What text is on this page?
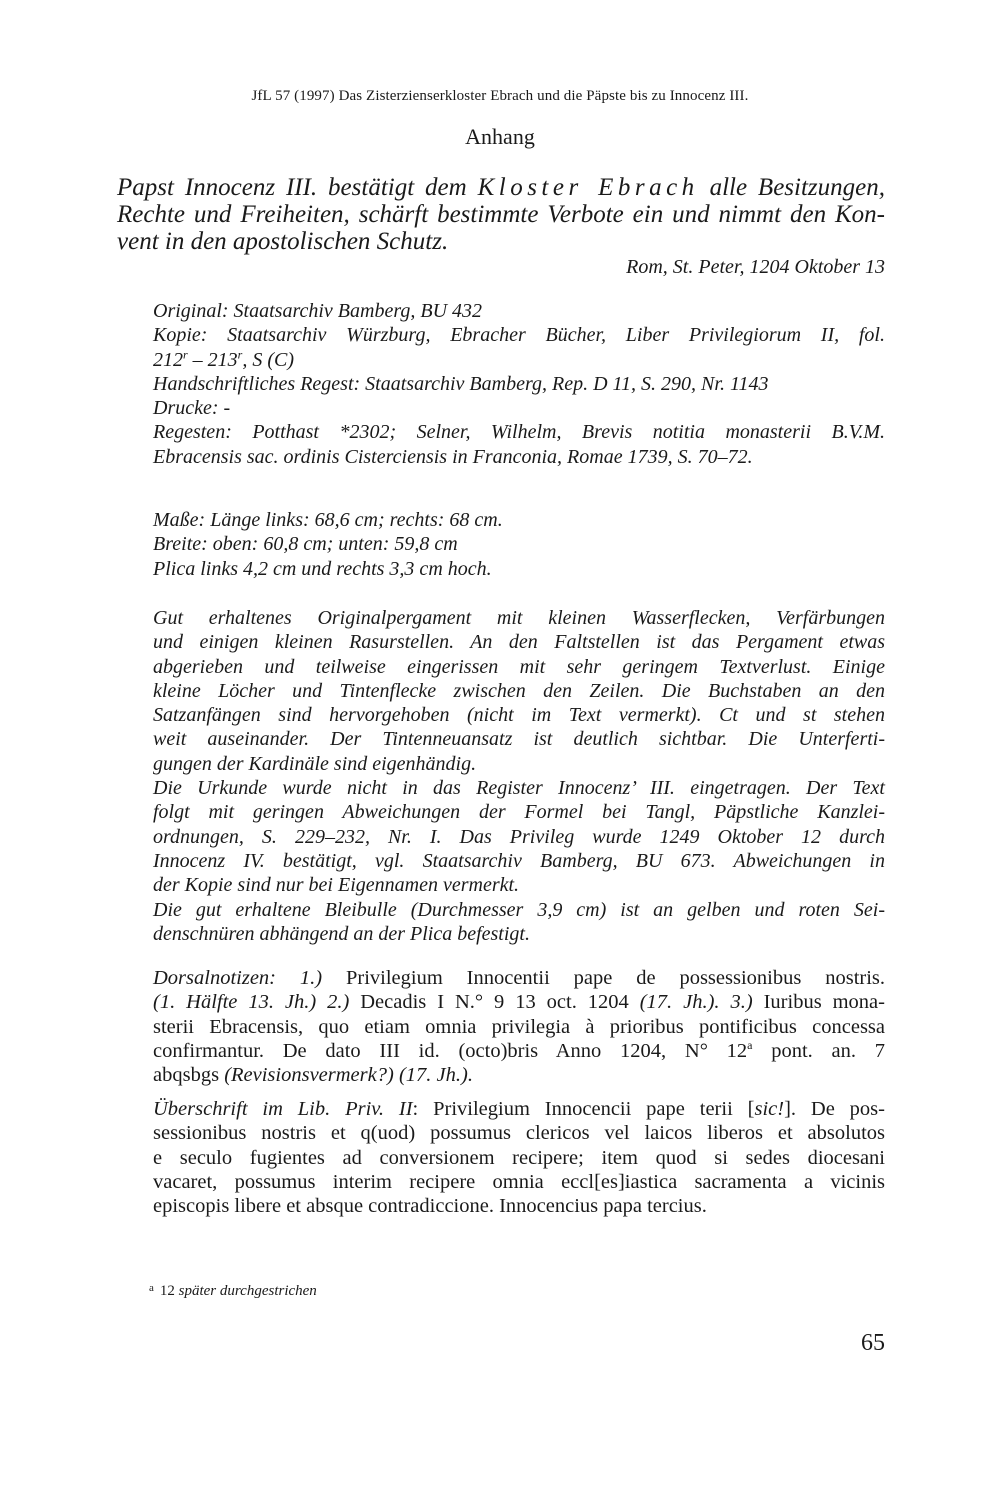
JfL 57 (1997) Das Zisterzienserkloster Ebrach und die Päpste bis zu Innocenz III.
Anhang
Papst Innocenz III. bestätigt dem Kloster Ebrach alle Besitzungen,
Rechte und Freiheiten, schärft bestimmte Verbote ein und nimmt den Kon-
vent in den apostolischen Schutz.
Rom, St. Peter, 1204 Oktober 13
Original: Staatsarchiv Bamberg, BU 432
Kopie: Staatsarchiv Würzburg, Ebracher Bücher, Liber Privilegiorum II, fol.
212$^r$ – 213$^r$, S (C)
Handschriftliches Regest: Staatsarchiv Bamberg, Rep. D 11, S. 290, Nr. 1143
Drucke: -
Regesten: Potthast *2302; Selner, Wilhelm, Brevis notitia monasterii B.V.M.
Ebracensis sac. ordinis Cisterciensis in Franconia, Romae 1739, S. 70–72.
Maße: Länge links: 68,6 cm; rechts: 68 cm.
Breite: oben: 60,8 cm; unten: 59,8 cm
Plica links 4,2 cm und rechts 3,3 cm hoch.
Gut erhaltenes Originalpergament mit kleinen Wasserflecken, Verfärbungen
und einigen kleinen Rasurstellen. An den Faltstellen ist das Pergament etwas
abgerieben und teilweise eingerissen mit sehr geringem Textverlust. Einige
kleine Löcher und Tintenflecke zwischen den Zeilen. Die Buchstaben an den
Satzanfängen sind hervorgehoben (nicht im Text vermerkt). Ct und st stehen
weit auseinander. Der Tintenneuansatz ist deutlich sichtbar. Die Unterferti-
gungen der Kardinäle sind eigenhändig.
Die Urkunde wurde nicht in das Register Innocenz’ III. eingetragen. Der Text
folgt mit geringen Abweichungen der Formel bei Tangl, Päpstliche Kanzlei-
ordnungen, S. 229–232, Nr. I. Das Privileg wurde 1249 Oktober 12 durch
Innocenz IV. bestätigt, vgl. Staatsarchiv Bamberg, BU 673. Abweichungen in
der Kopie sind nur bei Eigennamen vermerkt.
Die gut erhaltene Bleibulle (Durchmesser 3,9 cm) ist an gelben und roten Sei-
denschnüren abhängend an der Plica befestigt.
Dorsalnotizen: 1.) Privilegium Innocentii pape de possessionibus nostris.
(1. Hälfte 13. Jh.) 2.) Decadis I N.° 9 13 oct. 1204 (17. Jh.). 3.) Iuribus mona-
sterii Ebracensis, quo etiam omnia privilegia à prioribus pontificibus concessa
confirmantur. De dato III id. (octo)bris Anno 1204, N° 12$^a$ pont. an. 7
abqsbgs (Revisionsvermerk?) (17. Jh.).
Überschrift im Lib. Priv. II: Privilegium Innocencii pape terii [sic!]. De pos-
sessionibus nostris et q(uod) possumus clericos vel laicos liberos et absolutos
e seculo fugientes ad conversionem recipere; item quod si sedes diocesani
vacaret, possumus interim recipere omnia eccl[es]iastica sacramenta a vicinis
episcopis libere et absque contradiccione. Innocencius papa tercius.
$^a$ 12 später durchgestrichen
65
